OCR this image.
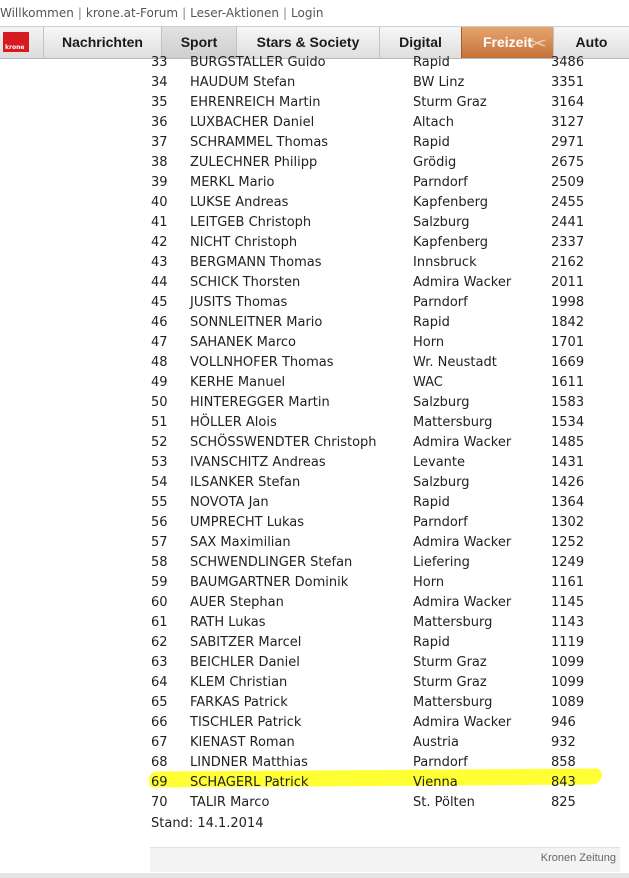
Willkommen | krone.at-Forum | Leser-Aktionen | Login
krone	Nachrichten	Sport	Stars & Society	Digital	Freizeit
✂	Auto
33 BURGSTALLER Guido	Rapid	3486
34 HAUDUM Stefan	BW Linz	3351
35 EHRENREICH Martin	Sturm Graz	3164
36 LUXBACHER Daniel	Altach	3127
37 SCHRAMMEL Thomas	Rapid	2971
38 ZULECHNER Philipp	Grödig	2675
39 MERKL Mario	Parndorf	2509
40 LUKSE Andreas	Kapfenberg	2455
41 LEITGEB Christoph	Salzburg	2441
42 NICHT Christoph	Kapfenberg	2337
43 BERGMANN Thomas	Innsbruck	2162
44 SCHICK Thorsten	Admira Wacker	2011
45 JUSITS Thomas	Parndorf	1998
46 SONNLEITNER Mario	Rapid	1842
47 SAHANEK Marco	Horn	1701
48 VOLLNHOFER Thomas	Wr. Neustadt	1669
49 KERHE Manuel	WAC	1611
50 HINTEREGGER Martin	Salzburg	1583
51 HÖLLER Alois	Mattersburg	1534
52 SCHÖSSWENDTER Christoph	Admira Wacker	1485
53 IVANSCHITZ Andreas	Levante	1431
54 ILSANKER Stefan	Salzburg	1426
55 NOVOTA Jan	Rapid	1364
56 UMPRECHT Lukas	Parndorf	1302
57 SAX Maximilian	Admira Wacker	1252
58 SCHWENDLINGER Stefan	Liefering	1249
59 BAUMGARTNER Dominik	Horn	1161
60 AUER Stephan	Admira Wacker	1145
61 RATH Lukas	Mattersburg	1143
62 SABITZER Marcel	Rapid	1119
63 BEICHLER Daniel	Sturm Graz	1099
64 KLEM Christian	Sturm Graz	1099
65 FARKAS Patrick	Mattersburg	1089
66 TISCHLER Patrick	Admira Wacker	946
67 KIENAST Roman	Austria	932
68 LINDNER Matthias	Parndorf	858
69 SCHAGERL Patrick	Vienna	843
70 TALIR Marco	St. Pölten	825
Stand: 14.1.2014
Kronen Zeitung
